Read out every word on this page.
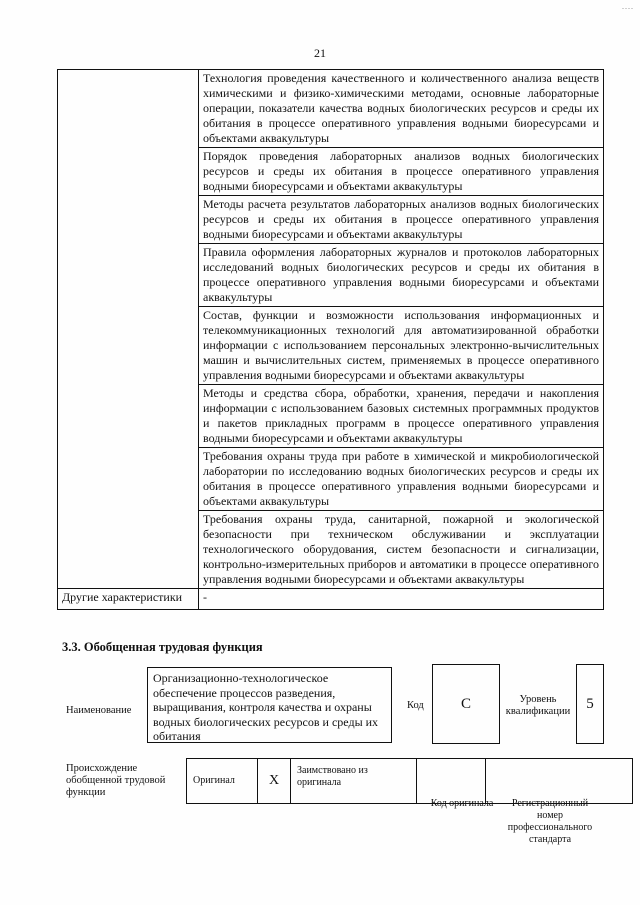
....
21
	Технология проведения качественного и количественного анализа веществ химическими и физико-химическими методами, основные лабораторные операции, показатели качества водных биологических ресурсов и среды их обитания в процессе оперативного управления водными биоресурсами и объектами аквакультуры
	Порядок проведения лабораторных анализов водных биологических ресурсов и среды их обитания в процессе оперативного управления водными биоресурсами и объектами аквакультуры
	Методы расчета результатов лабораторных анализов водных биологических ресурсов и среды их обитания в процессе оперативного управления водными биоресурсами и объектами аквакультуры
	Правила оформления лабораторных журналов и протоколов лабораторных исследований водных биологических ресурсов и среды их обитания в процессе оперативного управления водными биоресурсами и объектами аквакультуры
	Состав, функции и возможности использования информационных и телекоммуникационных технологий для автоматизированной обработки информации с использованием персональных электронно-вычислительных машин и вычислительных систем, применяемых в процессе оперативного управления водными биоресурсами и объектами аквакультуры
	Методы и средства сбора, обработки, хранения, передачи и накопления информации с использованием базовых системных программных продуктов и пакетов прикладных программ в процессе оперативного управления водными биоресурсами и объектами аквакультуры
	Требования охраны труда при работе в химической и микробиологической лаборатории по исследованию водных биологических ресурсов и среды их обитания в процессе оперативного управления водными биоресурсами и объектами аквакультуры
	Требования охраны труда, санитарной, пожарной и экологической безопасности при техническом обслуживании и эксплуатации технологического оборудования, систем безопасности и сигнализации, контрольно-измерительных приборов и автоматики в процессе оперативного управления водными биоресурсами и объектами аквакультуры
Другие характеристики	-
3.3. Обобщенная трудовая функция
Наименование
Организационно-технологическое обеспечение процессов разведения, выращивания, контроля качества и охраны водных биологических ресурсов и среды их обитания
Код	C	Уровень квалификации	5
Происхождение обобщенной трудовой функции
Оригинал	X	Заимствовано из оригинала		
Код оригинала	Регистрационный номер профессионального стандарта
